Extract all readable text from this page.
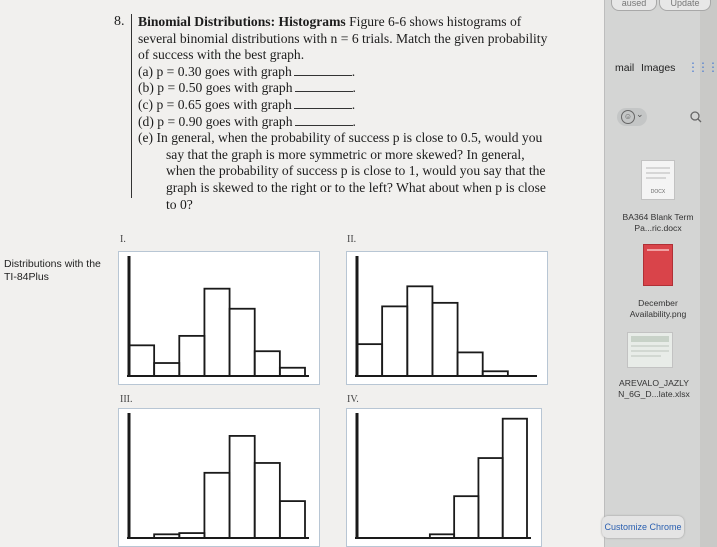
8. Binomial Distributions: Histograms Figure 6-6 shows histograms of several binomial distributions with n = 6 trials. Match the given probability of success with the best graph.
(a) p = 0.30 goes with graph	.
(b) p = 0.50 goes with graph	.
(c) p = 0.65 goes with graph	.
(d) p = 0.90 goes with graph	.
(e) In general, when the probability of success p is close to 0.5, would you say that the graph is more symmetric or more skewed? In general, when the probability of success p is close to 1, would you say that the graph is skewed to the right or to the left? What about when p is close to 0?
Distributions with the TI-84Plus
I.	II.
III.	IV.
aused	Update
mail Images ⋮⋮⋮
☺ ⌄
DOCX
BA364 Blank Term Pa...ric.docx
December Availability.png
AREVALO_JAZLY N_6G_D...late.xlsx
Customize Chrome
